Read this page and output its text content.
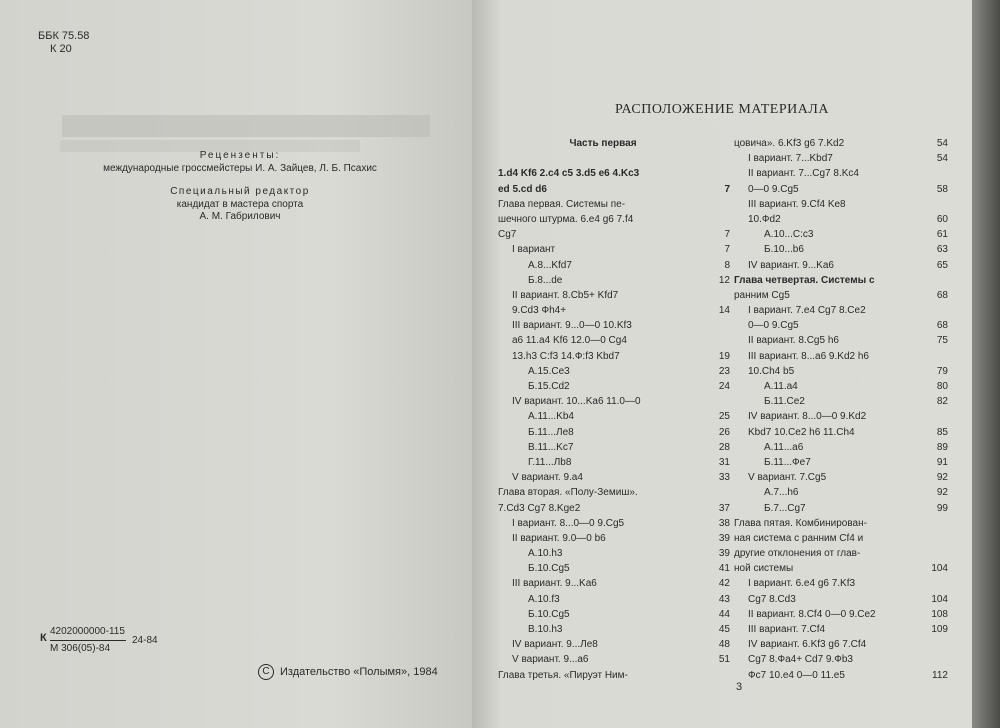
ББК 75.58
К 20
Рецензенты:
международные гроссмейстеры И. А. Зайцев, Л. Б. Псахис
Специальный редактор
кандидат в мастера спорта
А. М. Габрилович
К
4202000000-115
М 306(05)-84
24-84
С Издательство «Полымя», 1984
РАСПОЛОЖЕНИЕ МАТЕРИАЛА
Часть первая
1.d4 Kf6 2.c4 c5 3.d5 e6 4.Kc3
ed 5.cd d6	7
Глава первая. Системы пе-
шечного штурма. 6.e4 g6 7.f4
Cg7	7
I вариант	7
А.8...Kfd7	8
Б.8...de	12
II вариант. 8.Cb5+ Kfd7
9.Cd3 Фh4+	14
III вариант. 9...0—0 10.Kf3
a6 11.a4 Kf6 12.0—0 Cg4
13.h3 C:f3 14.Ф:f3 Kbd7	19
А.15.Ce3	23
Б.15.Cd2	24
IV вариант. 10...Ka6 11.0—0
А.11...Kb4	25
Б.11...Лe8	26
В.11...Kc7	28
Г.11...Лb8	31
V вариант. 9.a4	33
Глава вторая. «Полу-Земиш».
7.Cd3 Cg7 8.Kge2	37
I вариант. 8...0—0 9.Cg5	38
II вариант. 9.0—0 b6	39
А.10.h3	39
Б.10.Cg5	41
III вариант. 9...Ka6	42
А.10.f3	43
Б.10.Cg5	44
В.10.h3	45
IV вариант. 9...Лe8	48
V вариант. 9...a6	51
Глава третья. «Пируэт Ним-
цовича». 6.Kf3 g6 7.Kd2	54
I вариант. 7...Kbd7	54
II вариант. 7...Cg7 8.Kc4
0—0 9.Cg5	58
III вариант. 9.Cf4 Ke8
10.Фd2	60
А.10...C:c3	61
Б.10...b6	63
IV вариант. 9...Ka6	65
Глава четвертая. Системы с
ранним Cg5	68
I вариант. 7.e4 Cg7 8.Ce2
0—0 9.Cg5	68
II вариант. 8.Cg5 h6	75
III вариант. 8...a6 9.Kd2 h6
10.Ch4 b5	79
А.11.a4	80
Б.11.Ce2	82
IV вариант. 8...0—0 9.Kd2
Kbd7 10.Ce2 h6 11.Ch4	85
А.11...a6	89
Б.11...Фe7	91
V вариант. 7.Cg5	92
А.7...h6	92
Б.7...Cg7	99
Глава пятая. Комбинирован-
ная система с ранним Cf4 и
другие отклонения от глав-
ной системы	104
I вариант. 6.e4 g6 7.Kf3
Cg7 8.Cd3	104
II вариант. 8.Cf4 0—0 9.Ce2	108
III вариант. 7.Cf4	109
IV вариант. 6.Kf3 g6 7.Cf4
Cg7 8.Фa4+ Cd7 9.Фb3
Фc7 10.e4 0—0 11.e5	112
3
